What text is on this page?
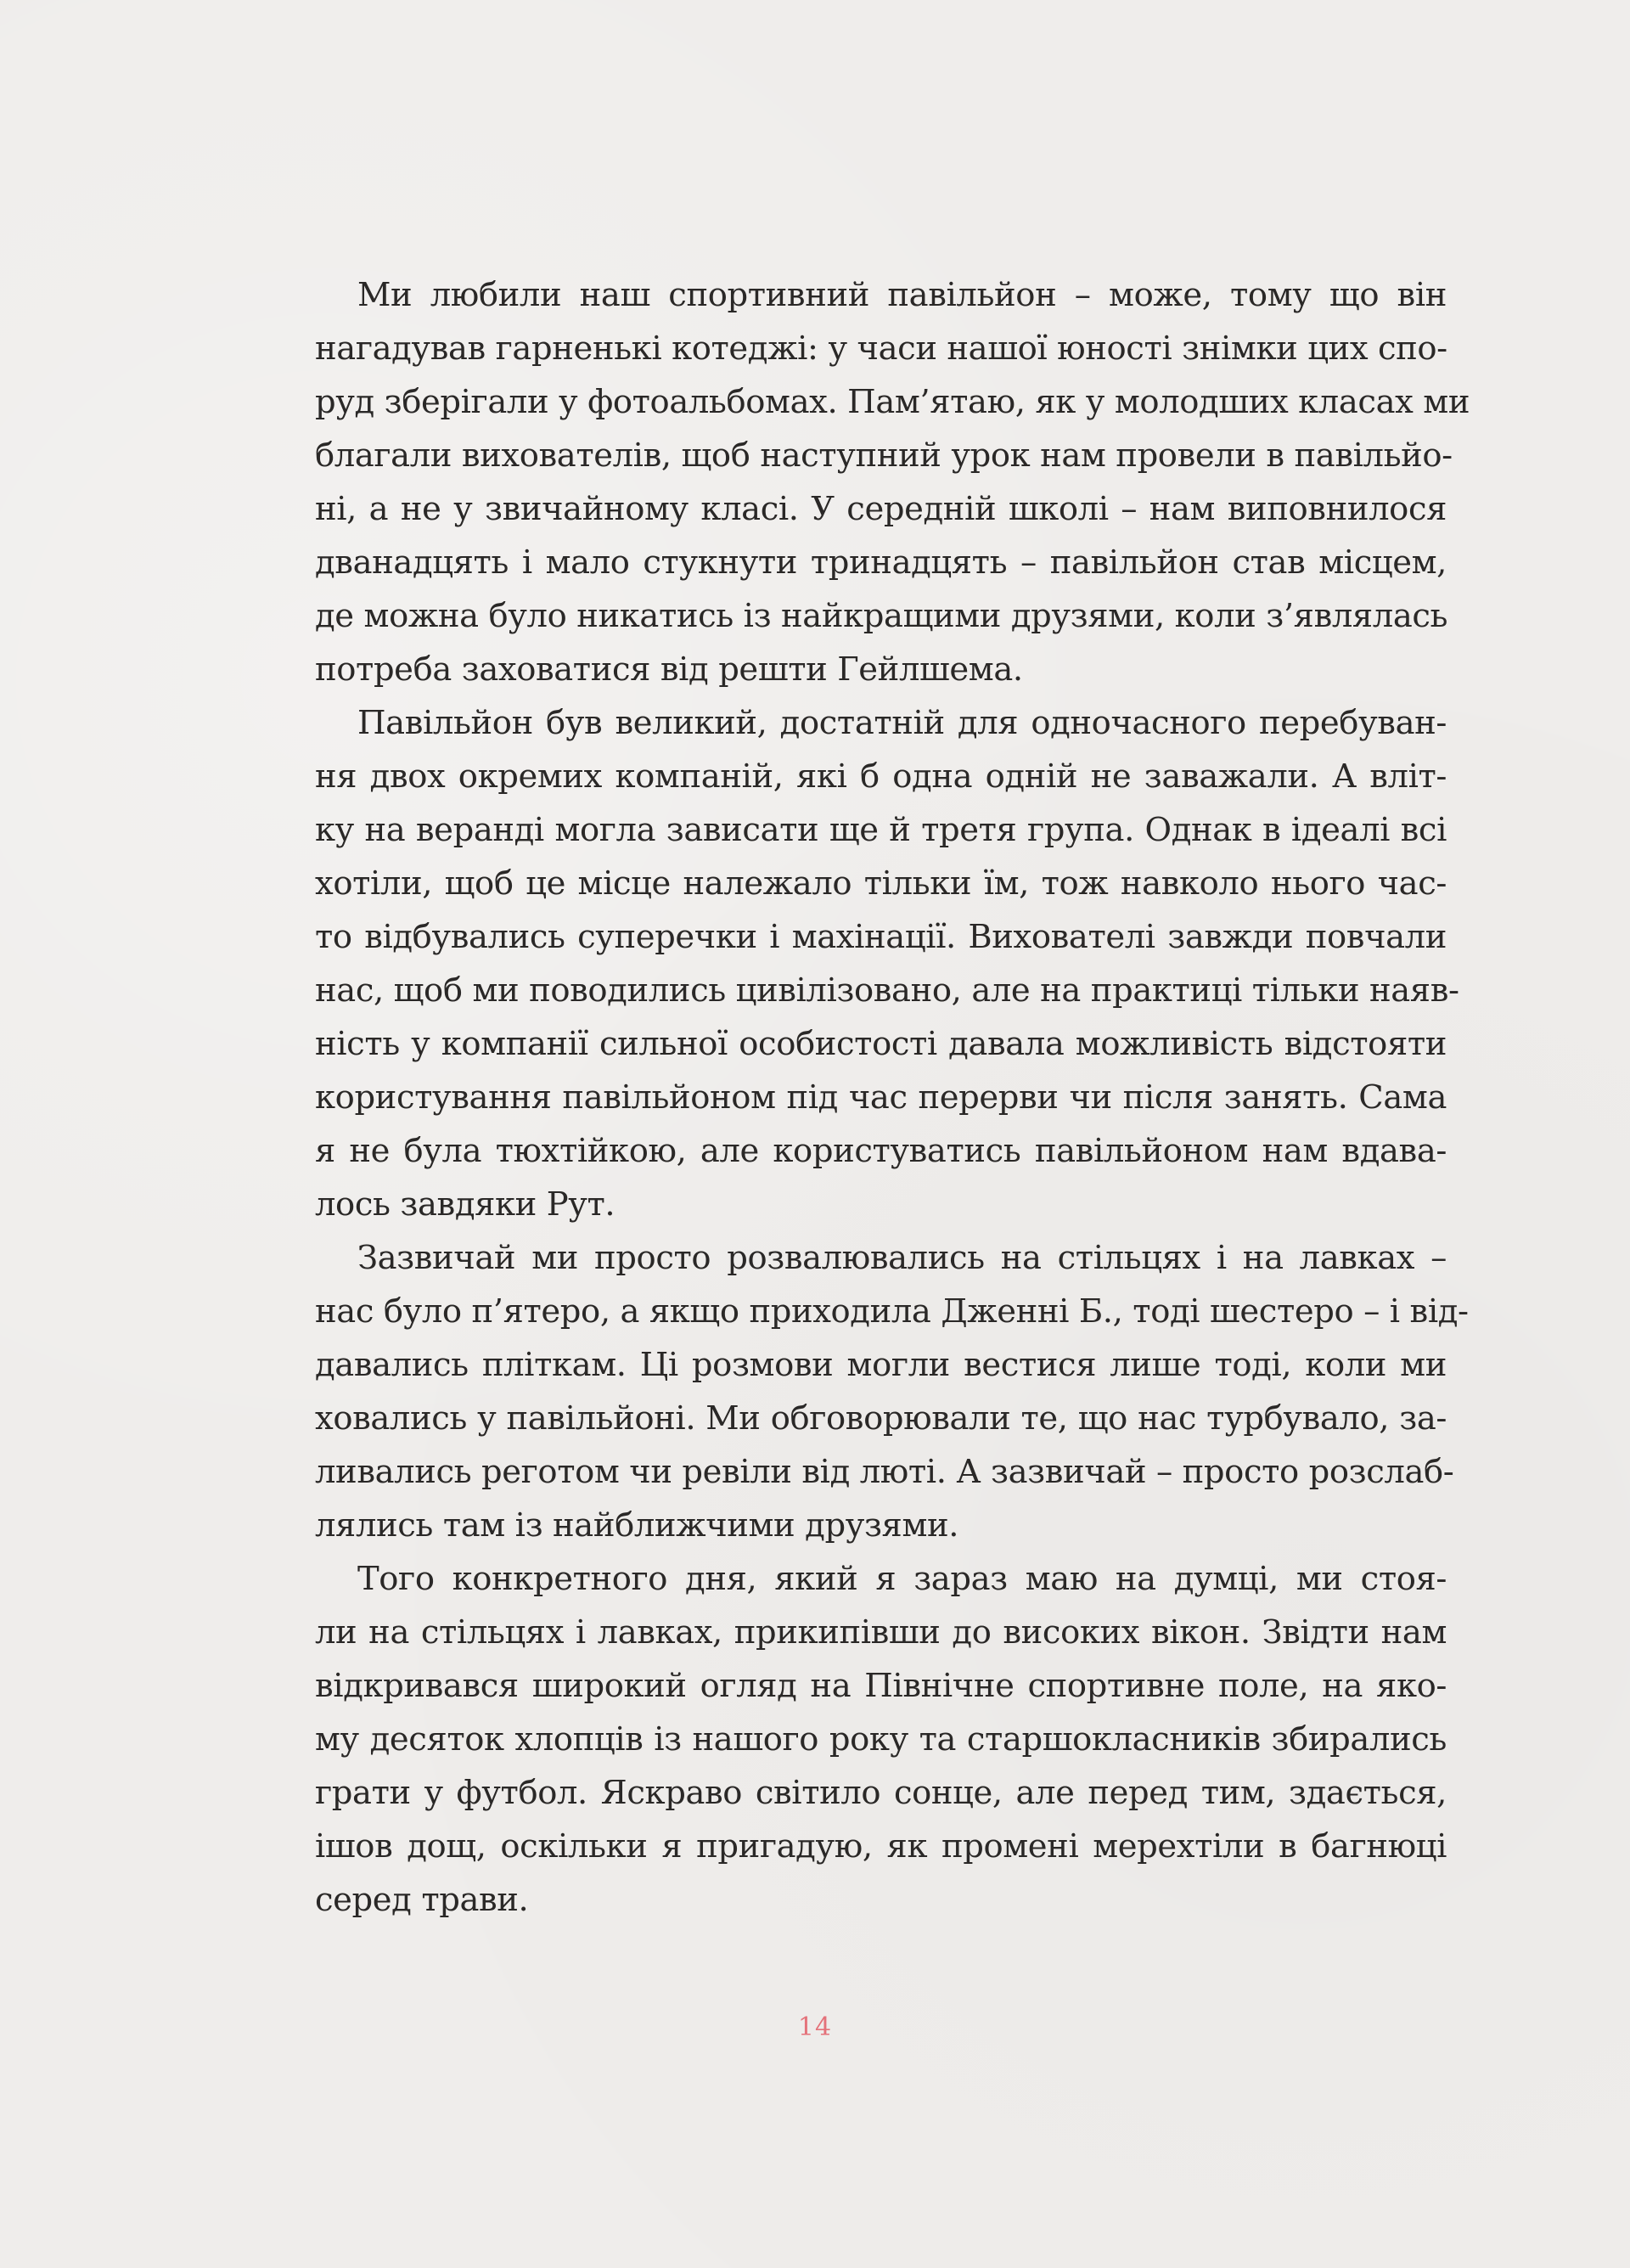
Ми любили наш спортивний павільйон – може, тому що він
нагадував гарненькі котеджі: у часи нашої юності знімки цих спо-
руд зберігали у фотоальбомах. Пам’ятаю, як у молодших класах ми
благали вихователів, щоб наступний урок нам провели в павільйо-
ні, а не у звичайному класі. У середній школі – нам виповнилося
дванадцять і мало стукнути тринадцять – павільйон став місцем,
де можна було никатись із найкращими друзями, коли з’являлась
потреба заховатися від решти Гейлшема.
Павільйон був великий, достатній для одночасного перебуван-
ня двох окремих компаній, які б одна одній не заважали. А вліт-
ку на веранді могла зависати ще й третя група. Однак в ідеалі всі
хотіли, щоб це місце належало тільки їм, тож навколо нього час-
то відбувались суперечки і махінації. Вихователі завжди повчали
нас, щоб ми поводились цивілізовано, але на практиці тільки наяв-
ність у компанії сильної особистості давала можливість відстояти
користування павільйоном під час перерви чи після занять. Сама
я не була тюхтійкою, але користуватись павільйоном нам вдава-
лось завдяки Рут.
Зазвичай ми просто розвалювались на стільцях і на лавках –
нас було п’ятеро, а якщо приходила Дженні Б., тоді шестеро – і від-
давались пліткам. Ці розмови могли вестися лише тоді, коли ми
ховались у павільйоні. Ми обговорювали те, що нас турбувало, за-
ливались реготом чи ревіли від люті. А зазвичай – просто розслаб-
лялись там із найближчими друзями.
Того конкретного дня, який я зараз маю на думці, ми стоя-
ли на стільцях і лавках, прикипівши до високих вікон. Звідти нам
відкривався широкий огляд на Північне спортивне поле, на яко-
му десяток хлопців із нашого року та старшокласників збирались
грати у футбол. Яскраво світило сонце, але перед тим, здається,
ішов дощ, оскільки я пригадую, як промені мерехтіли в багнюці
серед трави.
14
